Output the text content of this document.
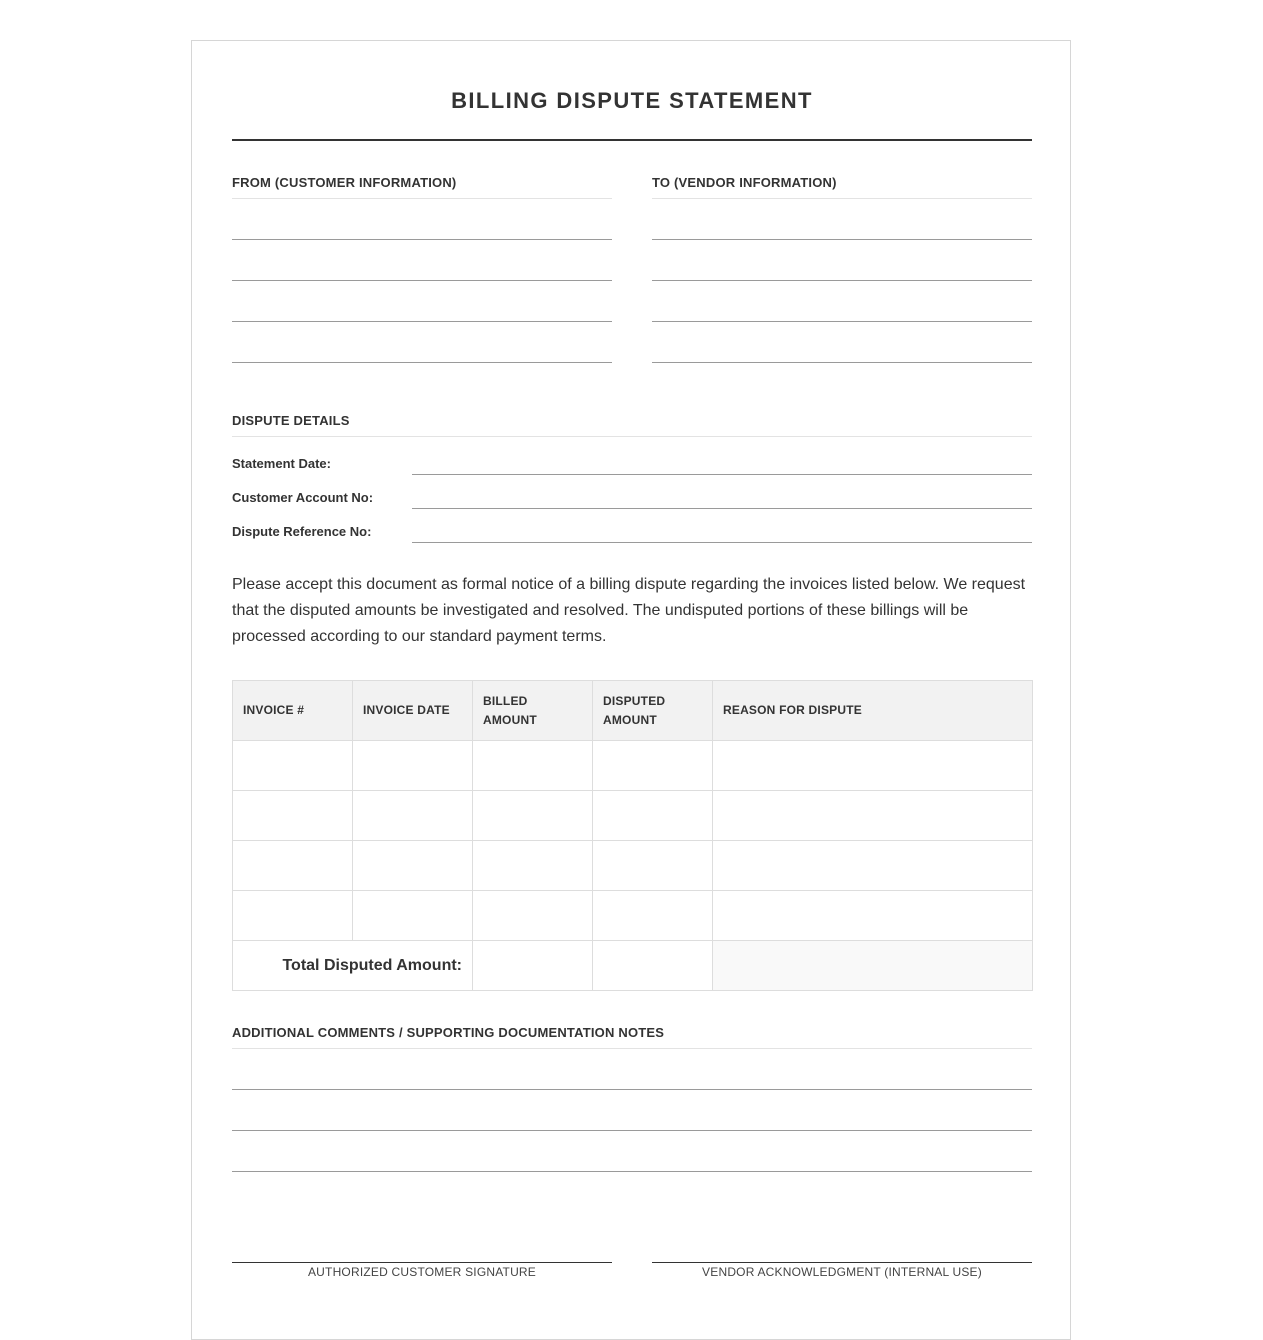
BILLING DISPUTE STATEMENT
FROM (CUSTOMER INFORMATION)	TO (VENDOR INFORMATION)
DISPUTE DETAILS
Statement Date:
Customer Account No:
Dispute Reference No:
Please accept this document as formal notice of a billing dispute regarding the invoices listed below. We request that the disputed amounts be investigated and resolved. The undisputed portions of these billings will be processed according to our standard payment terms.
INVOICE #	INVOICE DATE	BILLED AMOUNT	DISPUTED AMOUNT	REASON FOR DISPUTE

Total Disputed Amount:				
ADDITIONAL COMMENTS / SUPPORTING DOCUMENTATION NOTES
AUTHORIZED CUSTOMER SIGNATURE	VENDOR ACKNOWLEDGMENT (INTERNAL USE)
